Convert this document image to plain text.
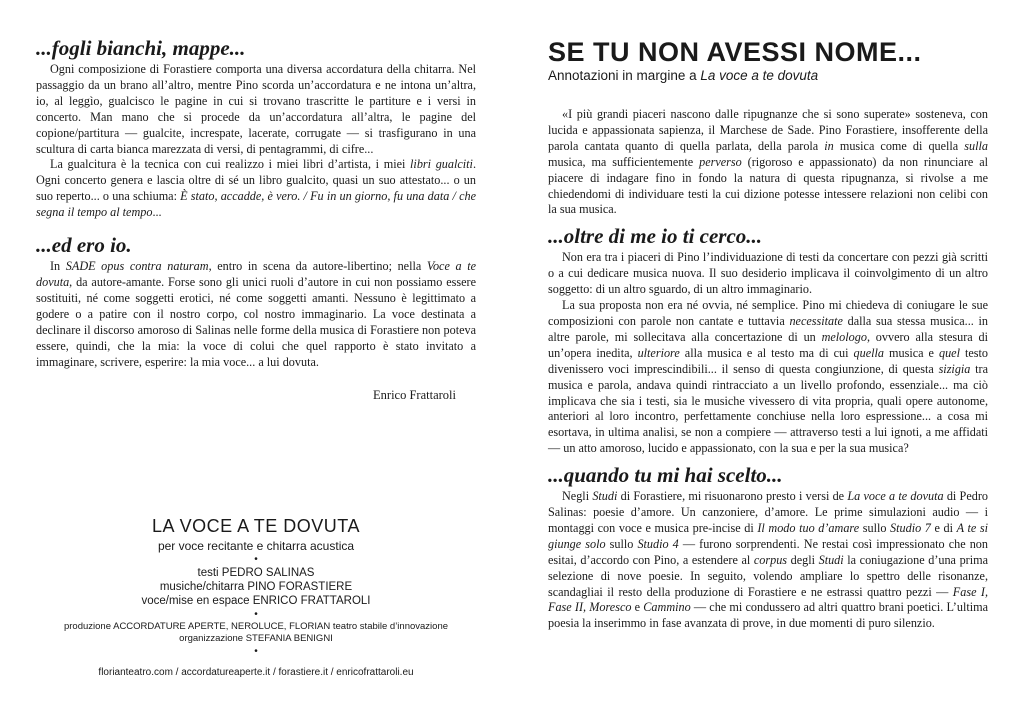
...fogli bianchi, mappe...

Ogni composizione di Forastiere comporta una diversa accordatura della chitarra. Nel passaggio da un brano all’altro, mentre Pino scorda un’accordatura e ne intona un’altra, io, al leggìo, gualcisco le pagine in cui si trovano trascritte le partiture e i versi in concerto. Man mano che si procede da un’accordatura all’altra, le pagine del copione/partitura — gualcite, increspate, lacerate, corrugate — si trasfigurano in una scultura di carta bianca marezzata di versi, di pentagrammi, di cifre...

La gualcitura è la tecnica con cui realizzo i miei libri d’artista, i miei libri gualciti. Ogni concerto genera e lascia oltre di sé un libro gualcito, quasi un suo attestato... o un suo reperto... o una schiuma: È stato, accadde, è vero. / Fu in un giorno, fu una data / che segna il tempo al tempo...

...ed ero io.

In SADE opus contra naturam, entro in scena da autore-libertino; nella Voce a te dovuta, da autore-amante. Forse sono gli unici ruoli d’autore in cui non possiamo essere sostituiti, né come soggetti erotici, né come soggetti amanti. Nessuno è legittimato a godere o a patire con il nostro corpo, col nostro immaginario. La voce destinata a declinare il discorso amoroso di Salinas nelle forme della musica di Forastiere non poteva essere, quindi, che la mia: la voce di colui che quel rapporto è stato invitato a immaginare, scrivere, esperire: la mia voce... a lui dovuta.

Enrico Frattaroli
LA VOCE A TE DOVUTA
per voce recitante e chitarra acustica
•
testi PEDRO SALINAS
musiche/chitarra PINO FORASTIERE
voce/mise en espace ENRICO FRATTAROLI
•
produzione ACCORDATURE APERTE, NEROLUCE, FLORIAN teatro stabile d’innovazione
organizzazione STEFANIA BENIGNI
•
florianteatro.com / accordatureaperte.it / forastiere.it / enricofrattaroli.eu
SE TU NON AVESSI NOME...
Annotazioni in margine a La voce a te dovuta

«I più grandi piaceri nascono dalle ripugnanze che si sono superate» sosteneva, con lucida e appassionata sapienza, il Marchese de Sade. Pino Forastiere, insofferente della parola cantata quanto di quella parlata, della parola in musica come di quella sulla musica, ma sufficientemente perverso (rigoroso e appassionato) da non rinunciare al piacere di indagare fino in fondo la natura di questa ripugnanza, si rivolse a me chiedendomi di individuare testi la cui dizione potesse intessere relazioni non celibi con la sua musica.

...oltre di me io ti cerco...

Non era tra i piaceri di Pino l’individuazione di testi da concertare con pezzi già scritti o a cui dedicare musica nuova. Il suo desiderio implicava il coinvolgimento di un altro soggetto: di un altro sguardo, di un altro immaginario.

La sua proposta non era né ovvia, né semplice. Pino mi chiedeva di coniugare le sue composizioni con parole non cantate e tuttavia necessitate dalla sua stessa musica... in altre parole, mi sollecitava alla concertazione di un melologo, ovvero alla stesura di un’opera inedita, ulteriore alla musica e al testo ma di cui quella musica e quel testo divenissero voci imprescindibili... il senso di questa congiunzione, di questa sizigia tra musica e parola, andava quindi rintracciato a un livello profondo, essenziale... ma ciò implicava che sia i testi, sia le musiche vivessero di vita propria, quali opere autonome, anteriori al loro incontro, perfettamente conchiuse nella loro espressione... a cosa mi esortava, in ultima analisi, se non a compiere — attraverso testi a lui ignoti, a me affidati — un atto amoroso, lucido e appassionato, con la sua e per la sua musica?

...quando tu mi hai scelto...

Negli Studi di Forastiere, mi risuonarono presto i versi de La voce a te dovuta di Pedro Salinas: poesie d’amore. Un canzoniere, d’amore. Le prime simulazioni audio — i montaggi con voce e musica pre-incise di Il modo tuo d’amare sullo Studio 7 e di A te si giunge solo sullo Studio 4 — furono sorprendenti. Ne restai così impressionato che non esitai, d’accordo con Pino, a estendere al corpus degli Studi la coniugazione d’una prima selezione di nove poesie. In seguito, volendo ampliare lo spettro delle risonanze, scandagliai il resto della produzione di Forastiere e ne estrassi quattro pezzi — Fase I, Fase II, Moresco e Cammino — che mi condussero ad altri quattro brani poetici. L’ultima poesia la inserimmo in fase avanzata di prove, in due momenti di puro silenzio.
